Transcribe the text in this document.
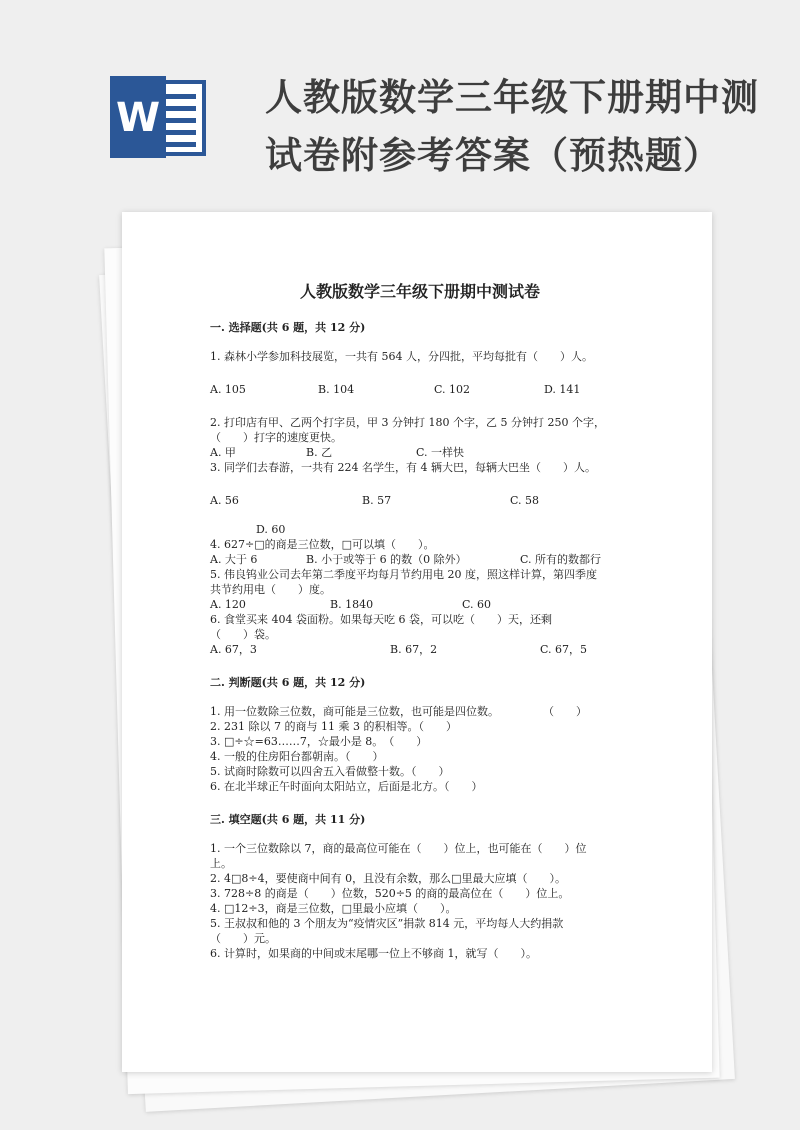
W	人教版数学三年级下册期中测
试卷附参考答案（预热题）
人教版数学三年级下册期中测试卷
一. 选择题(共 6 题，共 12 分)

1. 森林小学参加科技展览，一共有 564 人，分四批，平均每批有（　　）人。

A. 105	B. 104	C. 102	D. 141

2. 打印店有甲、乙两个打字员，甲 3 分钟打 180 个字，乙 5 分钟打 250 个字，

（　　）打字的速度更快。

A. 甲	B. 乙	C. 一样快

3. 同学们去春游，一共有 224 名学生，有 4 辆大巴，每辆大巴坐（　　）人。

A. 56	B. 57	C. 58
D. 60

4. 627÷□的商是三位数，□可以填（　　）。

A. 大于 6	B. 小于或等于 6 的数（0 除外）	C. 所有的数都行

5. 伟良钨业公司去年第二季度平均每月节约用电 20 度，照这样计算，第四季度

共节约用电（　　）度。

A. 120	B. 1840	C. 60

6. 食堂买来 404 袋面粉。如果每天吃 6 袋，可以吃（　　）天，还剩

（　　）袋。

A. 67，3	B. 67，2	C. 67，5
二. 判断题(共 6 题，共 12 分)

1. 用一位数除三位数，商可能是三位数，也可能是四位数。　　　　　（　　）

2. 231 除以 7 的商与 11 乘 3 的积相等。（　　）

3. □÷☆=63……7，☆最小是 8。　（　　）

4. 一般的住房阳台都朝南。（　　）

5. 试商时除数可以四舍五入看做整十数。（　　）

6. 在北半球正午时面向太阳站立，后面是北方。（　　）

三. 填空题(共 6 题，共 11 分)

1. 一个三位数除以 7，商的最高位可能在（　　）位上，也可能在（　　）位

上。

2. 4□8÷4，要使商中间有 0，且没有余数，那么□里最大应填（　　）。

3. 728÷8 的商是（　　）位数，520÷5 的商的最高位在（　　）位上。

4. □12÷3，商是三位数，□里最小应填（　　）。

5. 王叔叔和他的 3 个朋友为“疫情灾区”捐款 814 元，平均每人大约捐款

（　　）元。

6. 计算时，如果商的中间或末尾哪一位上不够商 1，就写（　　）。
